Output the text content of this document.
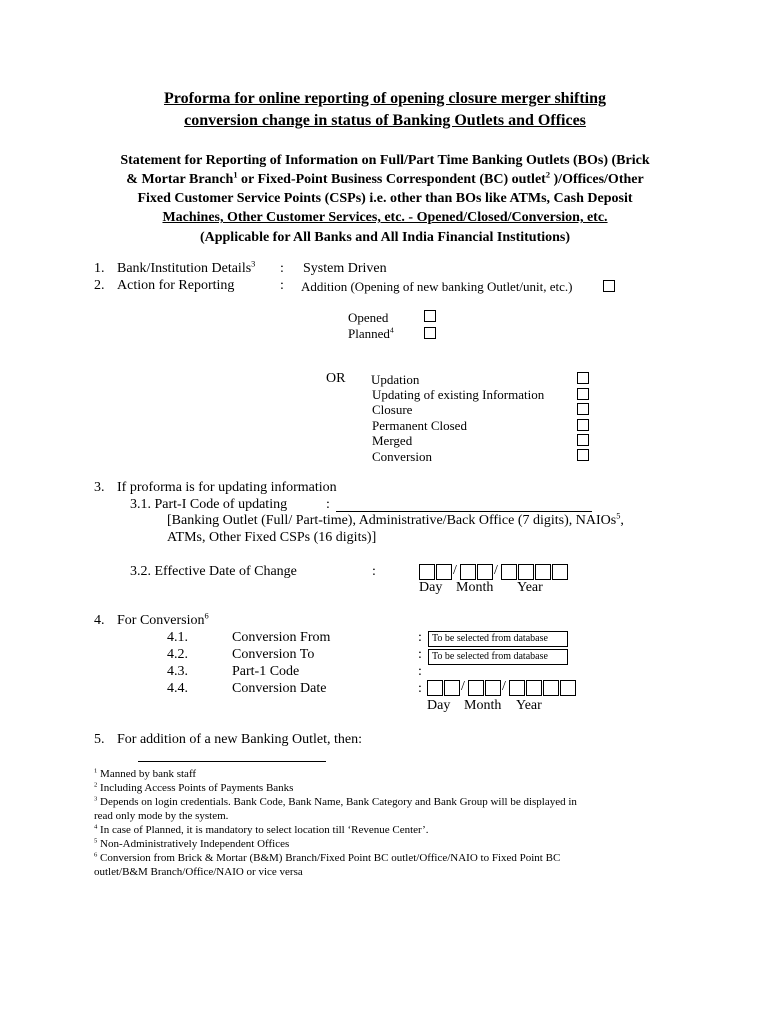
Proforma for online reporting of opening closure merger shifting
conversion change in status of Banking Outlets and Offices
Statement for Reporting of Information on Full/Part Time Banking Outlets (BOs) (Brick
& Mortar Branch$^1$ or Fixed-Point Business Correspondent (BC) outlet$^2$ )/Offices/Other
Fixed Customer Service Points (CSPs) i.e. other than BOs like ATMs, Cash Deposit
Machines, Other Customer Services, etc. - Opened/Closed/Conversion, etc.
(Applicable for All Banks and All India Financial Institutions)
1. Bank/Institution Details$^3$ : System Driven
2. Action for Reporting	: Addition (Opening of new banking Outlet/unit, etc.)
Opened
Planned$^4$
OR Updation
Updating of existing Information
Closure
Permanent Closed
Merged
Conversion
3. If proforma is for updating information
3.1. Part-I Code of updating	:
[Banking Outlet (Full/ Part-time), Administrative/Back Office (7 digits), NAIOs$^5$,
ATMs, Other Fixed CSPs (16 digits)]
3.2. Effective Date of Change	:	/	/
Day Month Year
4. For Conversion$^6$
4.1.	Conversion From	:	To be selected from database
4.2.	Conversion To	:	To be selected from database
4.3.	Part-1 Code	:
4.4.	Conversion Date	:	/	/
Day Month Year
5. For addition of a new Banking Outlet, then:
$^1$ Manned by bank staff
$^2$ Including Access Points of Payments Banks
$^3$ Depends on login credentials. Bank Code, Bank Name, Bank Category and Bank Group will be displayed in
read only mode by the system.
$^4$ In case of Planned, it is mandatory to select location till ‘Revenue Center’.
$^5$ Non-Administratively Independent Offices
$^6$ Conversion from Brick & Mortar (B&M) Branch/Fixed Point BC outlet/Office/NAIO to Fixed Point BC
outlet/B&M Branch/Office/NAIO or vice versa
